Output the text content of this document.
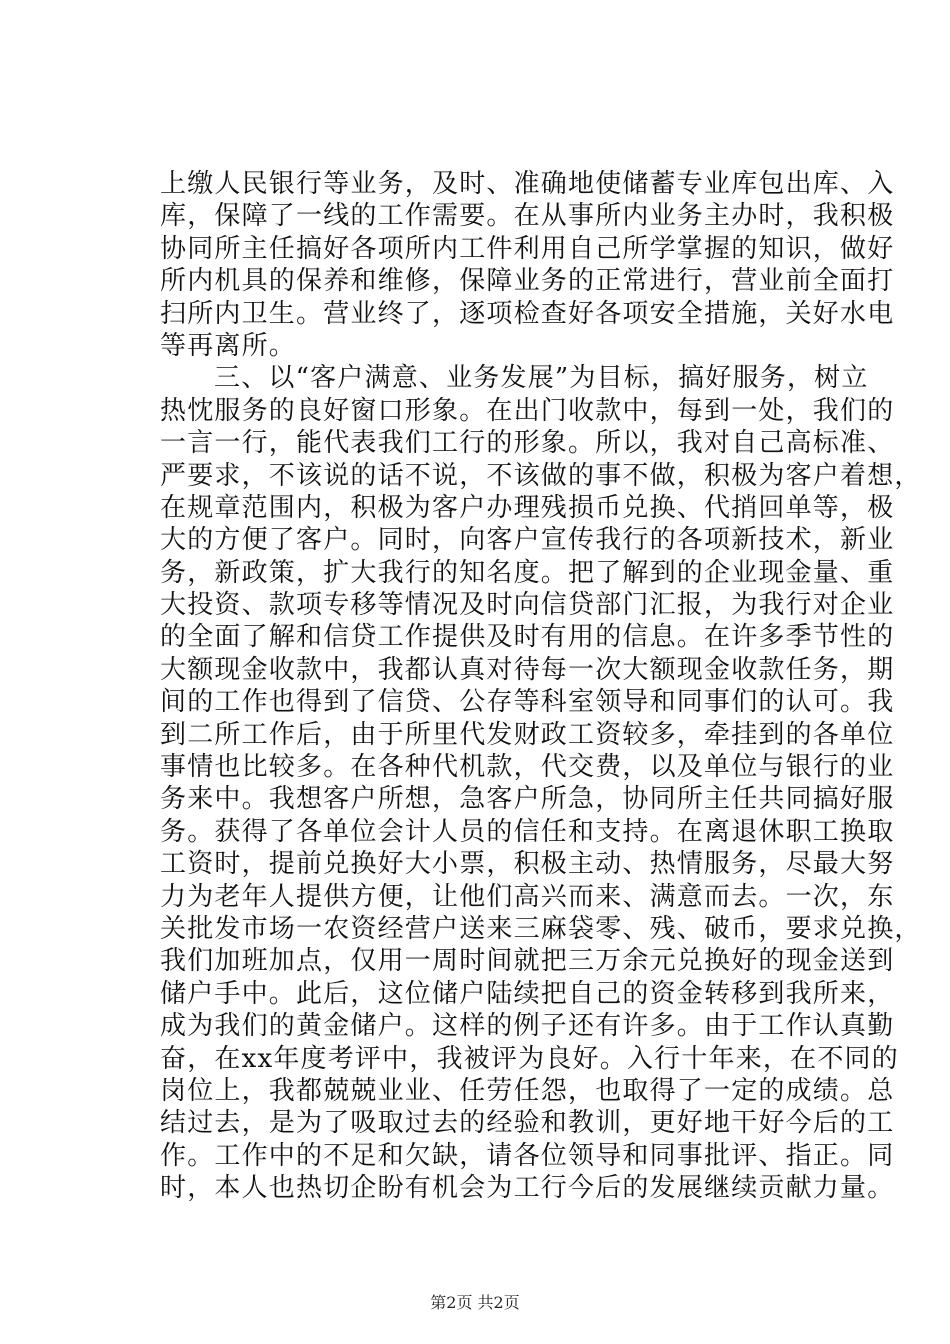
上缴人民银行等业务，及时、准确地使储蓄专业库包出库、入
库，保障了一线的工作需要。在从事所内业务主办时，我积极
协同所主任搞好各项所内工件利用自己所学掌握的知识，做好
所内机具的保养和维修，保障业务的正常进行，营业前全面打
扫所内卫生。营业终了，逐项检查好各项安全措施，关好水电
等再离所。
三、以“客户满意、业务发展”为目标，搞好服务，树立
热忱服务的良好窗口形象。在出门收款中，每到一处，我们的
一言一行，能代表我们工行的形象。所以，我对自己高标准、
严要求，不该说的话不说，不该做的事不做，积极为客户着想，
在规章范围内，积极为客户办理残损币兑换、代捎回单等，极
大的方便了客户。同时，向客户宣传我行的各项新技术，新业
务，新政策，扩大我行的知名度。把了解到的企业现金量、重
大投资、款项专移等情况及时向信贷部门汇报，为我行对企业
的全面了解和信贷工作提供及时有用的信息。在许多季节性的
大额现金收款中，我都认真对待每一次大额现金收款任务，期
间的工作也得到了信贷、公存等科室领导和同事们的认可。我
到二所工作后，由于所里代发财政工资较多，牵挂到的各单位
事情也比较多。在各种代机款，代交费，以及单位与银行的业
务来中。我想客户所想，急客户所急，协同所主任共同搞好服
务。获得了各单位会计人员的信任和支持。在离退休职工换取
工资时，提前兑换好大小票，积极主动、热情服务，尽最大努
力为老年人提供方便，让他们高兴而来、满意而去。一次，东
关批发市场一农资经营户送来三麻袋零、残、破币，要求兑换，
我们加班加点，仅用一周时间就把三万余元兑换好的现金送到
储户手中。此后，这位储户陆续把自己的资金转移到我所来，
成为我们的黄金储户。这样的例子还有许多。由于工作认真勤
奋，在xx年度考评中，我被评为良好。入行十年来，在不同的
岗位上，我都兢兢业业、任劳任怨，也取得了一定的成绩。总
结过去，是为了吸取过去的经验和教训，更好地干好今后的工
作。工作中的不足和欠缺，请各位领导和同事批评、指正。同
时，本人也热切企盼有机会为工行今后的发展继续贡献力量。
第2页 共2页
